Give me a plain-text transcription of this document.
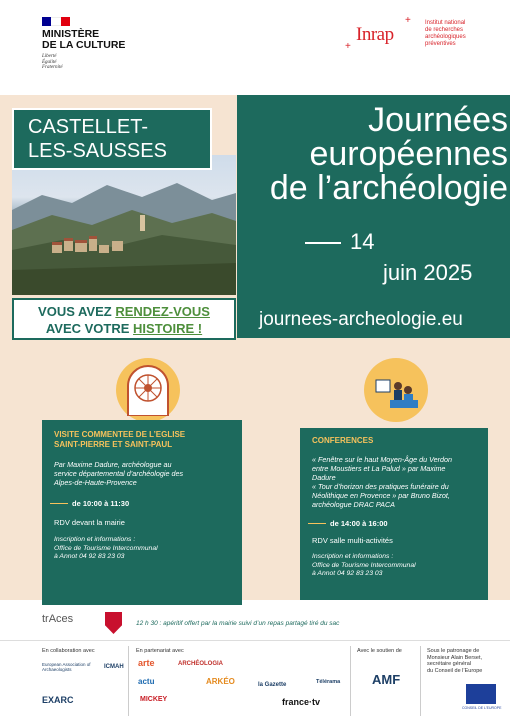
MINISTÈRE
DE LA CULTURE
Liberté
Égalité
Fraternité
+
+
Inrap
Institut national
de recherches
archéologiques
préventives
CASTELLET-
LES-SAUSSES
Journées
européennes
de l’archéologie
14
juin 2025
journees-archeologie.eu
VOUS AVEZ RENDEZ-VOUS
AVEC VOTRE HISTOIRE !
VISITE COMMENTEE DE L’EGLISE
SAINT-PIERRE ET SAINT-PAUL
Par Maxime Dadure, archéologue au
service départemental d’archéologie des
Alpes-de-Haute-Provence
de 10:00 à 11:30
RDV devant la mairie
Inscription et informations :
Office de Tourisme Intercommunal
à Annot 04 92 83 23 03
CONFERENCES
« Fenêtre sur le haut Moyen-Âge du Verdon
entre Moustiers et La Palud » par Maxime
Dadure
« Tour d’horizon des pratiques funéraire du
Néolithique en Provence » par Bruno Bizot,
archéologue DRAC PACA
de 14:00 à 16:00
RDV salle multi-activités
Inscription et informations :
Office de Tourisme Intercommunal
à Annot 04 92 83 23 03
trAces	12 h 30 : apéritif offert par la mairie suivi d’un repas partagé tiré du sac
En collaboration avec
European Association of Archaeologists	ICMAH
EXARC
En partenariat avec
arte	ARCHÉOLOGIA
actu	ARKÉO
MICKEY
la Gazette	Télérama
france·tv
Avec le soutien de
AMF
Sous le patronage de
Monsieur Alain Berset,
secrétaire général
du Conseil de l’Europe
CONSEIL DE L'EUROPE
